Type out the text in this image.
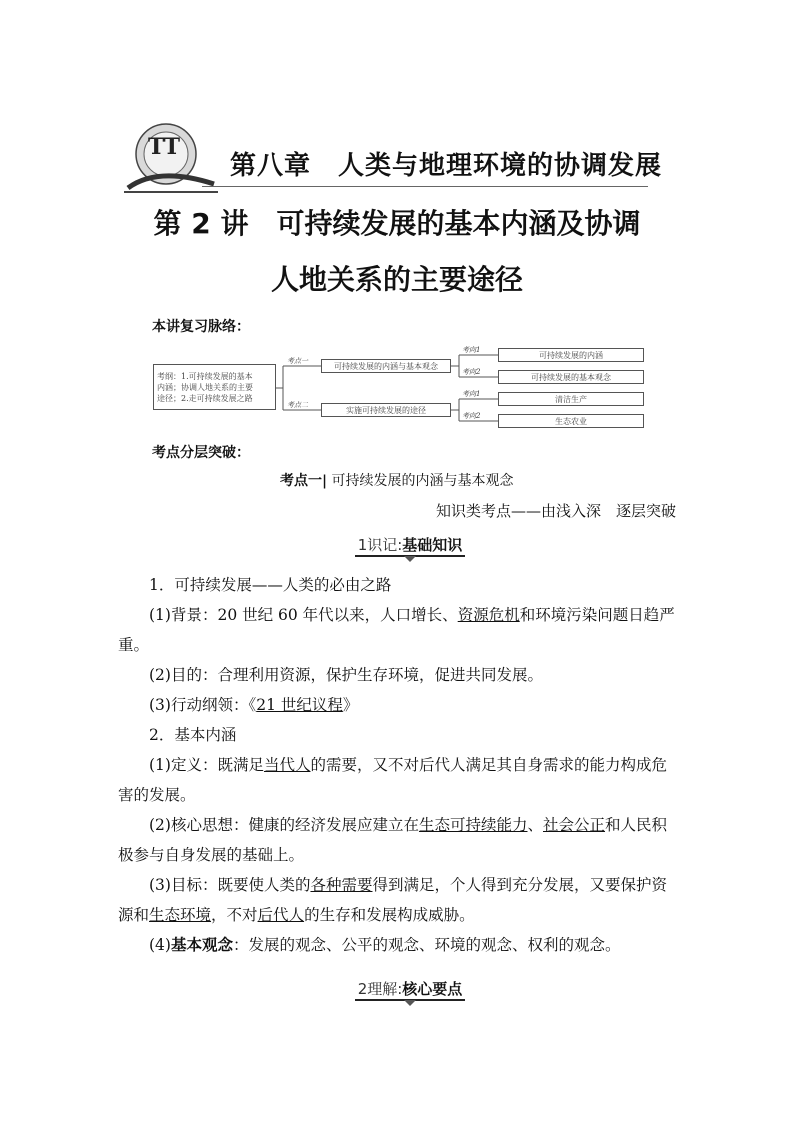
TT
第八章　人类与地理环境的协调发展
第 2 讲　可持续发展的基本内涵及协调
人地关系的主要途径
本讲复习脉络：
考纲：1.可持续发展的基本
内涵；协调人地关系的主要
途径；2.走可持续发展之路
考点一
可持续发展的内涵与基本观念
考点二
实施可持续发展的途径
考向1
可持续发展的内涵
考向2
可持续发展的基本观念
考向1
清洁生产
考向2
生态农业
考点分层突破：
考点一| 可持续发展的内涵与基本观念
知识类考点——由浅入深　逐层突破
1识记:基础知识

1．可持续发展——人类的必由之路

(1)背景：20 世纪 60 年代以来，人口增长、资源危机和环境污染问题日趋严重。

(2)目的：合理利用资源，保护生存环境，促进共同发展。

(3)行动纲领：《21 世纪议程》

2．基本内涵

(1)定义：既满足当代人的需要，又不对后代人满足其自身需求的能力构成危害的发展。

(2)核心思想：健康的经济发展应建立在生态可持续能力、社会公正和人民积极参与自身发展的基础上。

(3)目标：既要使人类的各种需要得到满足，个人得到充分发展，又要保护资源和生态环境，不对后代人的生存和发展构成威胁。

(4)基本观念：发展的观念、公平的观念、环境的观念、权利的观念。

2理解:核心要点
